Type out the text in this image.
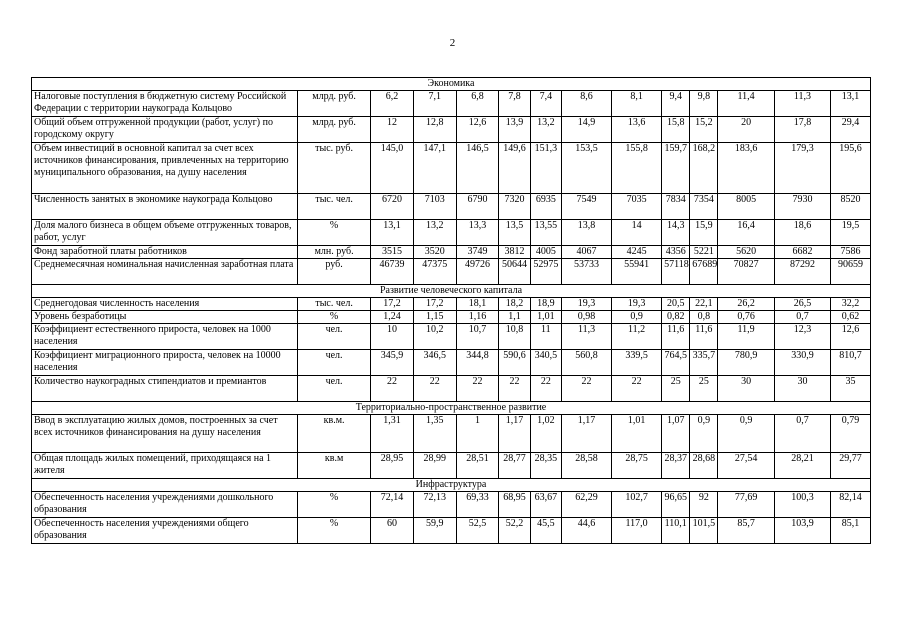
2
Экономика													
Налоговые поступления в бюджетную систему Российской Федерации с территории наукограда Кольцово	млрд. руб.	6,2	7,1	6,8	7,8	7,4	8,6	8,1	9,4	9,8	11,4	11,3	13,1
Общий объем отгруженной продукции (работ, услуг) по городскому округу	млрд. руб.	12	12,8	12,6	13,9	13,2	14,9	13,6	15,8	15,2	20	17,8	29,4
Объем инвестиций в основной капитал за счет всех источников финансирования, привлеченных на территорию муниципального образования, на душу населения	тыс. руб.	145,0	147,1	146,5	149,6	151,3	153,5	155,8	159,7	168,2	183,6	179,3	195,6
Численность занятых в экономике наукограда Кольцово	тыс. чел.	6720	7103	6790	7320	6935	7549	7035	7834	7354	8005	7930	8520
Доля малого бизнеса в общем объеме отгруженных товаров, работ, услуг	%	13,1	13,2	13,3	13,5	13,55	13,8	14	14,3	15,9	16,4	18,6	19,5
Фонд заработной платы работников	млн. руб.	3515	3520	3749	3812	4005	4067	4245	4356	5221	5620	6682	7586
Среднемесячная номинальная начисленная заработная плата	руб.	46739	47375	49726	50644	52975	53733	55941	57118	67689	70827	87292	90659
Развитие человеческого капитала													
Среднегодовая численность населения	тыс. чел.	17,2	17,2	18,1	18,2	18,9	19,3	19,3	20,5	22,1	26,2	26,5	32,2
Уровень безработицы	%	1,24	1,15	1,16	1,1	1,01	0,98	0,9	0,82	0,8	0,76	0,7	0,62
Коэффициент естественного прироста, человек на 1000 населения	чел.	10	10,2	10,7	10,8	11	11,3	11,2	11,6	11,6	11,9	12,3	12,6
Коэффициент миграционного прироста, человек на 10000 населения	чел.	345,9	346,5	344,8	590,6	340,5	560,8	339,5	764,5	335,7	780,9	330,9	810,7
Количество наукоградных стипендиатов и премиантов	чел.	22	22	22	22	22	22	22	25	25	30	30	35
Территориально-пространственное развитие													
Ввод в эксплуатацию жилых домов, построенных за счет всех источников финансирования на душу населения	кв.м.	1,31	1,35	1	1,17	1,02	1,17	1,01	1,07	0,9	0,9	0,7	0,79
Общая площадь жилых помещений, приходящаяся на 1 жителя	кв.м	28,95	28,99	28,51	28,77	28,35	28,58	28,75	28,37	28,68	27,54	28,21	29,77
Инфраструктура													
Обеспеченность населения учреждениями дошкольного образования	%	72,14	72,13	69,33	68,95	63,67	62,29	102,7	96,65	92	77,69	100,3	82,14
Обеспеченность населения учреждениями общего образования	%	60	59,9	52,5	52,2	45,5	44,6	117,0	110,1	101,5	85,7	103,9	85,1
